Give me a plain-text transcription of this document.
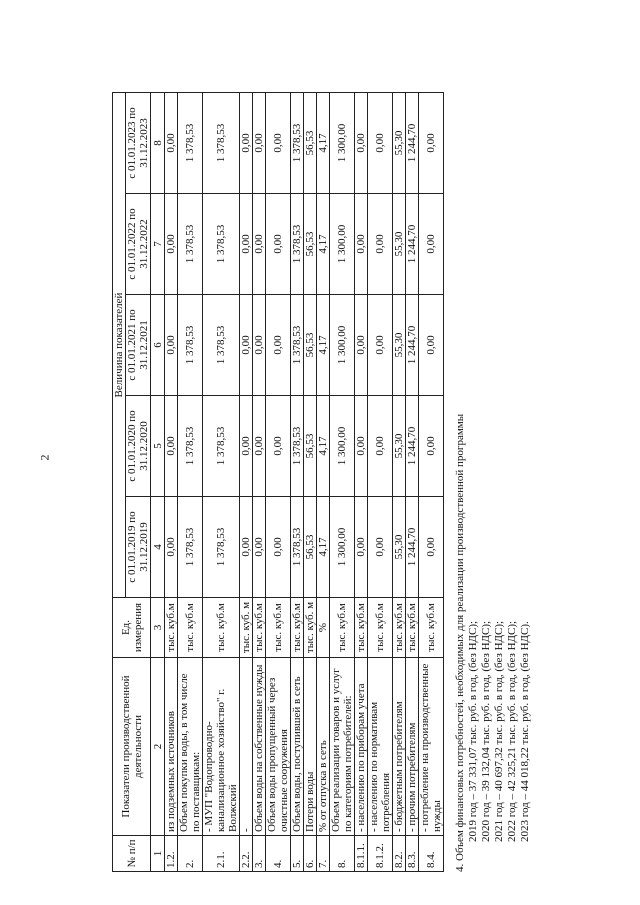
2
№ п/п	Показатели производственной деятельности	Ед. измерения	Величина показателей				
			с 01.01.2019 по 31.12.2019	с 01.01.2020 по 31.12.2020	с 01.01.2021 по 31.12.2021	с 01.01.2022 по 31.12.2022	с 01.01.2023 по 31.12.2023
1	2	3	4	5	6	7	8
1.2.	из подземных источников	тыс. куб.м	0,00	0,00	0,00	0,00	0,00
2.	Объем покупки воды, в том числе по поставщикам:	тыс. куб.м	1 378,53	1 378,53	1 378,53	1 378,53	1 378,53
2.1.	- МУП "Водопроводно-канализационное хозяйство" г. Волжский	тыс. куб.м	1 378,53	1 378,53	1 378,53	1 378,53	1 378,53
2.2.	-	тыс. куб. м	0,00	0,00	0,00	0,00	0,00
3.	Объем воды на собственные нужды	тыс. куб.м	0,00	0,00	0,00	0,00	0,00
4.	Объем воды пропущенный через очистные сооружения	тыс. куб.м	0,00	0,00	0,00	0,00	0,00
5.	Объем воды, поступившей в сеть	тыс. куб.м	1 378,53	1 378,53	1 378,53	1 378,53	1 378,53
6.	Потери воды	тыс. куб. м	56,53	56,53	56,53	56,53	56,53
7.	% от отпуска в сеть	%	4,17	4,17	4,17	4,17	4,17
8.	Объем реализации товаров и услуг по категориям потребителей:	тыс. куб.м	1 300,00	1 300,00	1 300,00	1 300,00	1 300,00
8.1.1.	- населению по приборам учета	тыс. куб.м	0,00	0,00	0,00	0,00	0,00
8.1.2.	- населению по нормативам потребления	тыс. куб.м	0,00	0,00	0,00	0,00	0,00
8.2.	- бюджетным потребителям	тыс. куб.м	55,30	55,30	55,30	55,30	55,30
8.3.	- прочим потребителям	тыс. куб.м	1 244,70	1 244,70	1 244,70	1 244,70	1 244,70
8.4.	- потребление на производственные нужды	тыс. куб.м	0,00	0,00	0,00	0,00	0,00
4. Объем финансовых потребностей, необходимых для реализации производственной программы 2019 год – 37 331,07 тыс. руб. в год, (без НДС); 2020 год – 39 132,04 тыс. руб. в год, (без НДС); 2021 год – 40 697,32 тыс. руб. в год, (без НДС); 2022 год – 42 325,21 тыс. руб. в год, (без НДС); 2023 год – 44 018,22 тыс. руб. в год, (без НДС).
